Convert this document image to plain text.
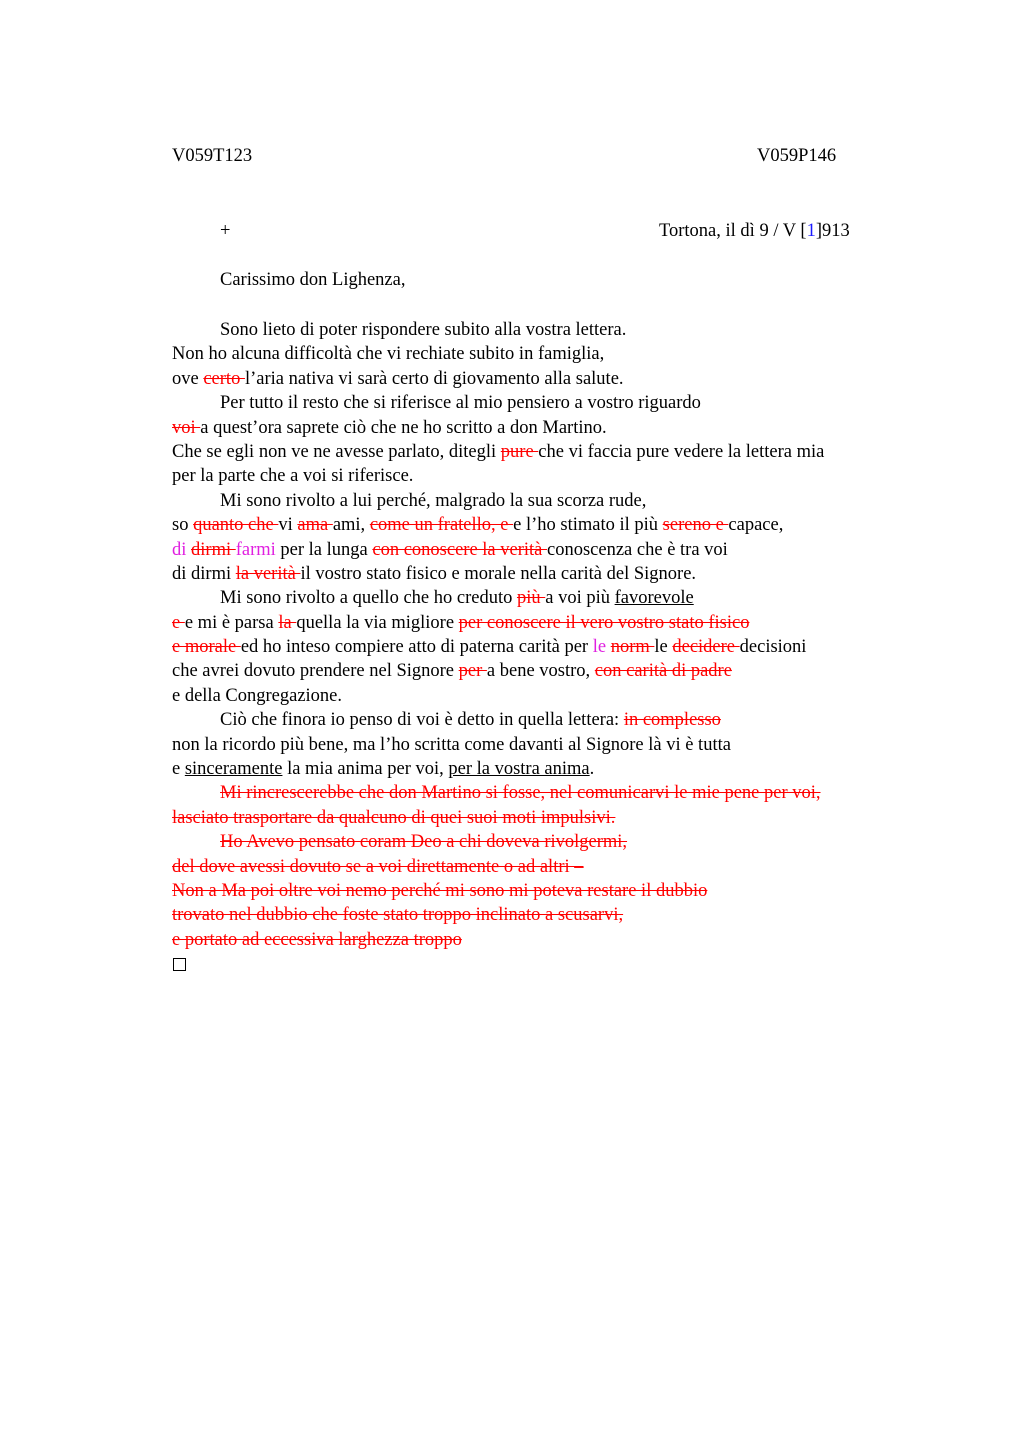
V059T123	V059P146
+	Tortona, il dì 9 / V [1]913
Carissimo don Lighenza,
Sono lieto di poter rispondere subito alla vostra lettera.
Non ho alcuna difficoltà che vi rechiate subito in famiglia,
ove certo l’aria nativa vi sarà certo di giovamento alla salute.
Per tutto il resto che si riferisce al mio pensiero a vostro riguardo
voi a quest’ora saprete ciò che ne ho scritto a don Martino.
Che se egli non ve ne avesse parlato, ditegli pure che vi faccia pure vedere la lettera mia
per la parte che a voi si riferisce.
Mi sono rivolto a lui perché, malgrado la sua scorza rude,
so quanto che vi ama ami, come un fratello, e e l’ho stimato il più sereno e capace,
di dirmi farmi per la lunga con conoscere la verità conoscenza che è tra voi
di dirmi la verità il vostro stato fisico e morale nella carità del Signore.
Mi sono rivolto a quello che ho creduto più a voi più favorevole
e e mi è parsa la quella la via migliore per conoscere il vero vostro stato fisico
e morale ed ho inteso compiere atto di paterna carità per le norm le decidere decisioni
che avrei dovuto prendere nel Signore per a bene vostro, con carità di padre
e della Congregazione.
Ciò che finora io penso di voi è detto in quella lettera: in complesso
non la ricordo più bene, ma l’ho scritta come davanti al Signore là vi è tutta
e sinceramente la mia anima per voi, per la vostra anima.
Mi rincrescerebbe che don Martino si fosse, nel comunicarvi le mie pene per voi,
lasciato trasportare da qualcuno di quei suoi moti impulsivi.
Ho Avevo pensato coram Deo a chi doveva rivolgermi,
del dove avessi dovuto se a voi direttamente o ad altri –
Non a Ma poi oltre voi nemo perché mi sono mi poteva restare il dubbio
trovato nel dubbio che foste stato troppo inclinato a scusarvi,
e portato ad eccessiva larghezza troppo
